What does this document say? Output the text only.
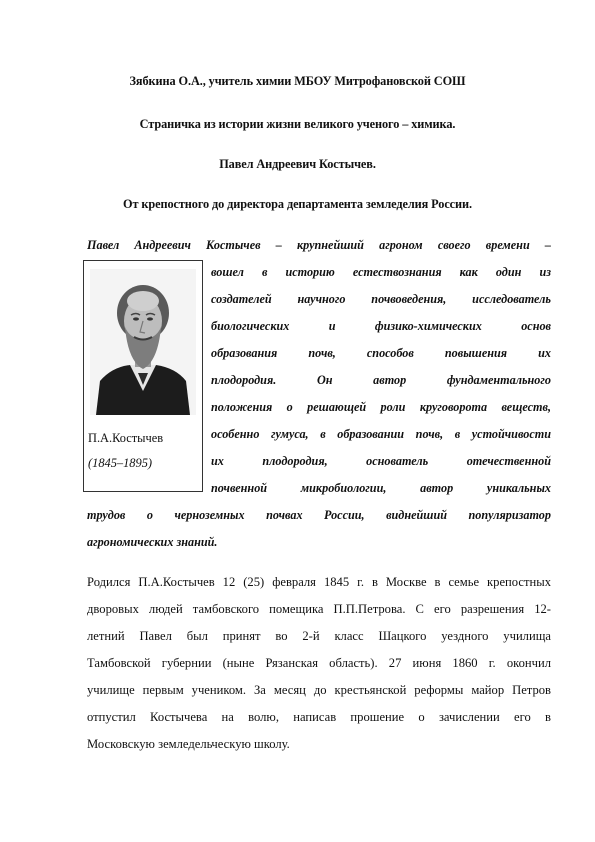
Зябкина О.А., учитель химии МБОУ Митрофановской СОШ
Страничка из истории жизни великого ученого – химика.
Павел Андреевич Костычев.
От крепостного до директора департамента земледелия России.
Павел Андреевич Костычев – крупнейший агроном своего времени –
вошел в историю естествознания как один из
создателей научного почвоведения, исследователь
биологических и физико-химических основ
образования почв, способов повышения их
плодородия. Он автор фундаментального
положения о решающей роли круговорота веществ,
особенно гумуса, в образовании почв, в устойчивости
их плодородия, основатель отечественной
почвенной микробиологии, автор уникальных
трудов о черноземных почвах России, виднейший популяризатор
агрономических знаний.
П.А.Костычев
(1845–1895)
Родился П.А.Костычев 12 (25) февраля 1845 г. в Москве в семье крепостных
дворовых людей тамбовского помещика П.П.Петрова. С его разрешения 12-
летний Павел был принят во 2-й класс Шацкого уездного училища
Тамбовской губернии (ныне Рязанская область). 27 июня 1860 г. окончил
училище первым учеником. За месяц до крестьянской реформы майор Петров
отпустил Костычева на волю, написав прошение о зачислении его в
Московскую земледельческую школу.
